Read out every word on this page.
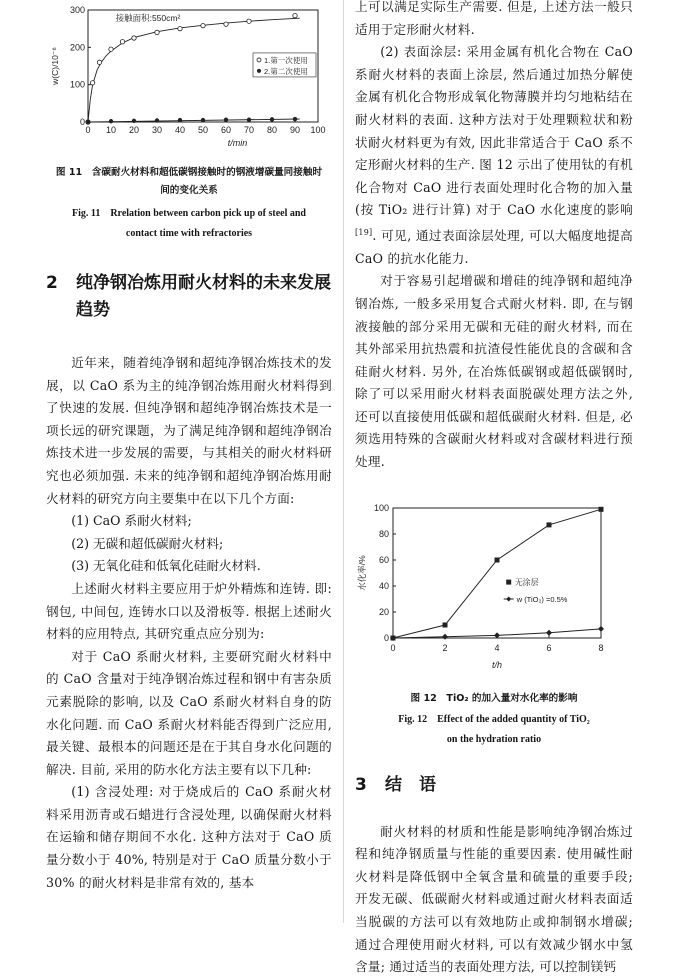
0 10 20 30 40 50 60 70 80 90 100
0
100
200
300
w(C)/10⁻⁶
t/min
接触面积:550cm²
1.第一次使用
2.第二次使用

图 11　含碳耐火材料和超低碳钢接触时的钢液增碳量同接触时间的变化关系

Fig. 11　Rrelation between carbon pick up of steel and contact time with refractories

2	纯净钢冶炼用耐火材料的未来发展趋势

近年来，随着纯净钢和超纯净钢冶炼技术的发展，以 CaO 系为主的纯净钢冶炼用耐火材料得到了快速的发展. 但纯净钢和超纯净钢冶炼技术是一项长远的研究课题，为了满足纯净钢和超纯净钢冶炼技术进一步发展的需要，与其相关的耐火材料研究也必须加强. 未来的纯净钢和超纯净钢冶炼用耐火材料的研究方向主要集中在以下几个方面:

(1) CaO 系耐火材料;

(2) 无碳和超低碳耐火材料;

(3) 无氧化硅和低氧化硅耐火材料.

上述耐火材料主要应用于炉外精炼和连铸. 即: 钢包, 中间包, 连铸水口以及滑板等. 根据上述耐火材料的应用特点, 其研究重点应分别为:

对于 CaO 系耐火材料, 主要研究耐火材料中的 CaO 含量对于纯净钢冶炼过程和钢中有害杂质元素脱除的影响, 以及 CaO 系耐火材料自身的防水化问题. 而 CaO 系耐火材料能否得到广泛应用, 最关键、最根本的问题还是在于其自身水化问题的解决. 目前, 采用的防水化方法主要有以下几种:

(1) 含浸处理: 对于烧成后的 CaO 系耐火材料采用沥青或石蜡进行含浸处理, 以确保耐火材料在运输和储存期间不水化. 这种方法对于 CaO 质量分数小于 40%, 特别是对于 CaO 质量分数小于 30% 的耐火材料是非常有效的, 基本

上可以满足实际生产需要. 但是, 上述方法一般只适用于定形耐火材料.

(2) 表面涂层: 采用金属有机化合物在 CaO 系耐火材料的表面上涂层, 然后通过加热分解使金属有机化合物形成氧化物薄膜并均匀地粘结在耐火材料的表面. 这种方法对于处理颗粒状和粉状耐火材料更为有效, 因此非常适合于 CaO 系不定形耐火材料的生产. 图 12 示出了使用钛的有机化合物对 CaO 进行表面处理时化合物的加入量 (按 TiO₂ 进行计算) 对于 CaO 水化速度的影响[19]. 可见, 通过表面涂层处理, 可以大幅度地提高 CaO 的抗水化能力.

对于容易引起增碳和增硅的纯净钢和超纯净钢冶炼, 一般多采用复合式耐火材料. 即, 在与钢液接触的部分采用无碳和无硅的耐火材料, 而在其外部采用抗热震和抗渣侵性能优良的含碳和含硅耐火材料. 另外, 在冶炼低碳钢或超低碳钢时, 除了可以采用耐火材料表面脱碳处理方法之外, 还可以直接使用低碳和超低碳耐火材料. 但是, 必须选用特殊的含碳耐火材料或对含碳材料进行预处理.

0	2	4	6	8
0
20
40
60
80
100
水化率/%
t/h
无涂层
w (TiO₂) =0.5%

图 12　TiO₂ 的加入量对水化率的影响

Fig. 12　Effect of the added quantity of TiO₂ on the hydration ratio

3	结　语

耐火材料的材质和性能是影响纯净钢冶炼过程和纯净钢质量与性能的重要因素. 使用碱性耐火材料是降低钢中全氧含量和硫量的重要手段; 开发无碳、低碳耐火材料或通过耐火材料表面适当脱碳的方法可以有效地防止或抑制钢水增碳; 通过合理使用耐火材料, 可以有效减少钢水中氢含量; 通过适当的表面处理方法, 可以控制镁钙
